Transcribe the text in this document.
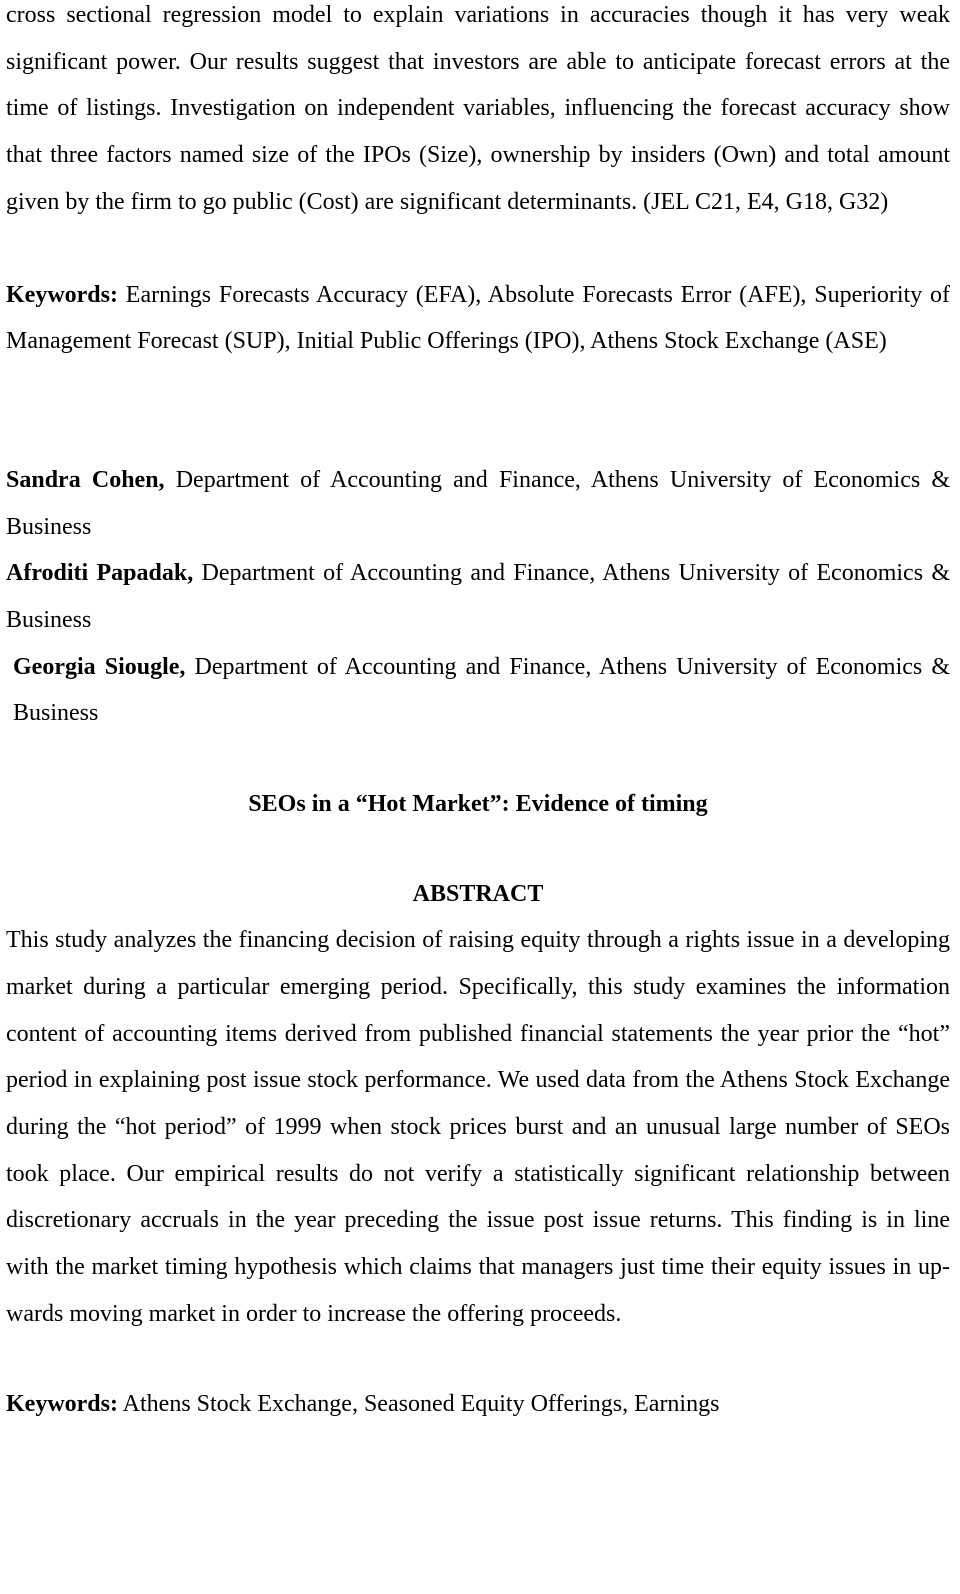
cross sectional regression model to explain variations in accuracies though it has very weak significant power. Our results suggest that investors are able to anticipate forecast errors at the time of listings. Investigation on independent variables, influencing the forecast accuracy show that three factors named size of the IPOs (Size), ownership by insiders (Own) and total amount given by the firm to go public (Cost) are significant determinants. (JEL C21, E4, G18, G32)

Keywords: Earnings Forecasts Accuracy (EFA), Absolute Forecasts Error (AFE), Superiority of Management Forecast (SUP), Initial Public Offerings (IPO), Athens Stock Exchange (ASE)

Sandra Cohen, Department of Accounting and Finance, Athens University of Economics & Business

Afroditi Papadak, Department of Accounting and Finance, Athens University of Economics & Business

Georgia Siougle, Department of Accounting and Finance, Athens University of Economics & Business

SEOs in a “Hot Market”: Evidence of timing
ABSTRACT

This study analyzes the financing decision of raising equity through a rights issue in a developing market during a particular emerging period. Specifically, this study examines the information content of accounting items derived from published financial statements the year prior the “hot” period in explaining post issue stock performance. We used data from the Athens Stock Exchange during the “hot period” of 1999 when stock prices burst and an unusual large number of SEOs took place. Our empirical results do not verify a statistically significant relationship between discretionary accruals in the year preceding the issue post issue returns. This finding is in line with the market timing hypothesis which claims that managers just time their equity issues in up-wards moving market in order to increase the offering proceeds.

Keywords: Athens Stock Exchange, Seasoned Equity Offerings, Earnings
